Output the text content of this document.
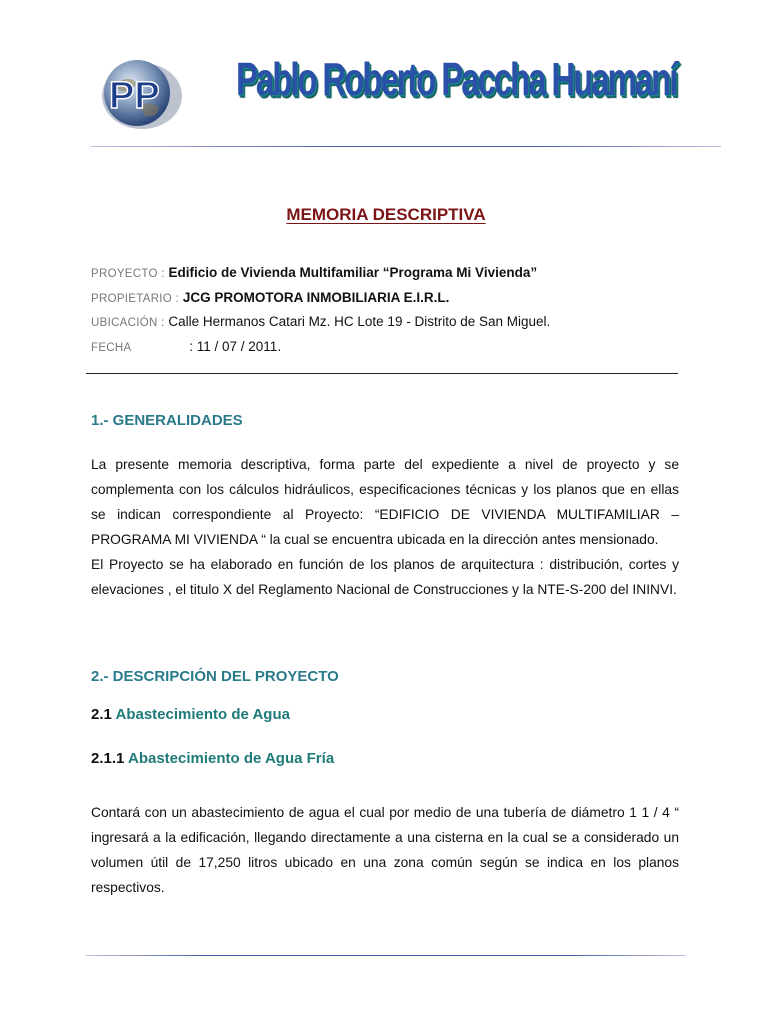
PP Pablo Roberto Paccha Huamaní
MEMORIA DESCRIPTIVA
PROYECTO : Edificio de Vivienda Multifamiliar “Programa Mi Vivienda”
PROPIETARIO : JCG PROMOTORA INMOBILIARIA E.I.R.L.
UBICACIÓN : Calle Hermanos Catari Mz. HC Lote 19 - Distrito de San Miguel.
FECHA	: 11 / 07 / 2011.
1.- GENERALIDADES

La presente memoria descriptiva, forma parte del expediente a nivel de proyecto y se complementa con los cálculos hidráulicos, especificaciones técnicas y los planos que en ellas se indican correspondiente al Proyecto: “EDIFICIO DE VIVIENDA MULTIFAMILIAR – PROGRAMA MI VIVIENDA “ la cual se encuentra ubicada en la dirección antes mensionado.

El Proyecto se ha elaborado en función de los planos de arquitectura : distribución, cortes y elevaciones , el titulo X del Reglamento Nacional de Construcciones y la NTE-S-200 del ININVI.

2.- DESCRIPCIÓN DEL PROYECTO
2.1 Abastecimiento de Agua
2.1.1 Abastecimiento de Agua Fría

Contará con un abastecimiento de agua el cual por medio de una tubería de diámetro 1 1 / 4 “ ingresará a la edificación, llegando directamente a una cisterna en la cual se a considerado un volumen útil de 17,250 litros ubicado en una zona común según se indica en los planos respectivos.
